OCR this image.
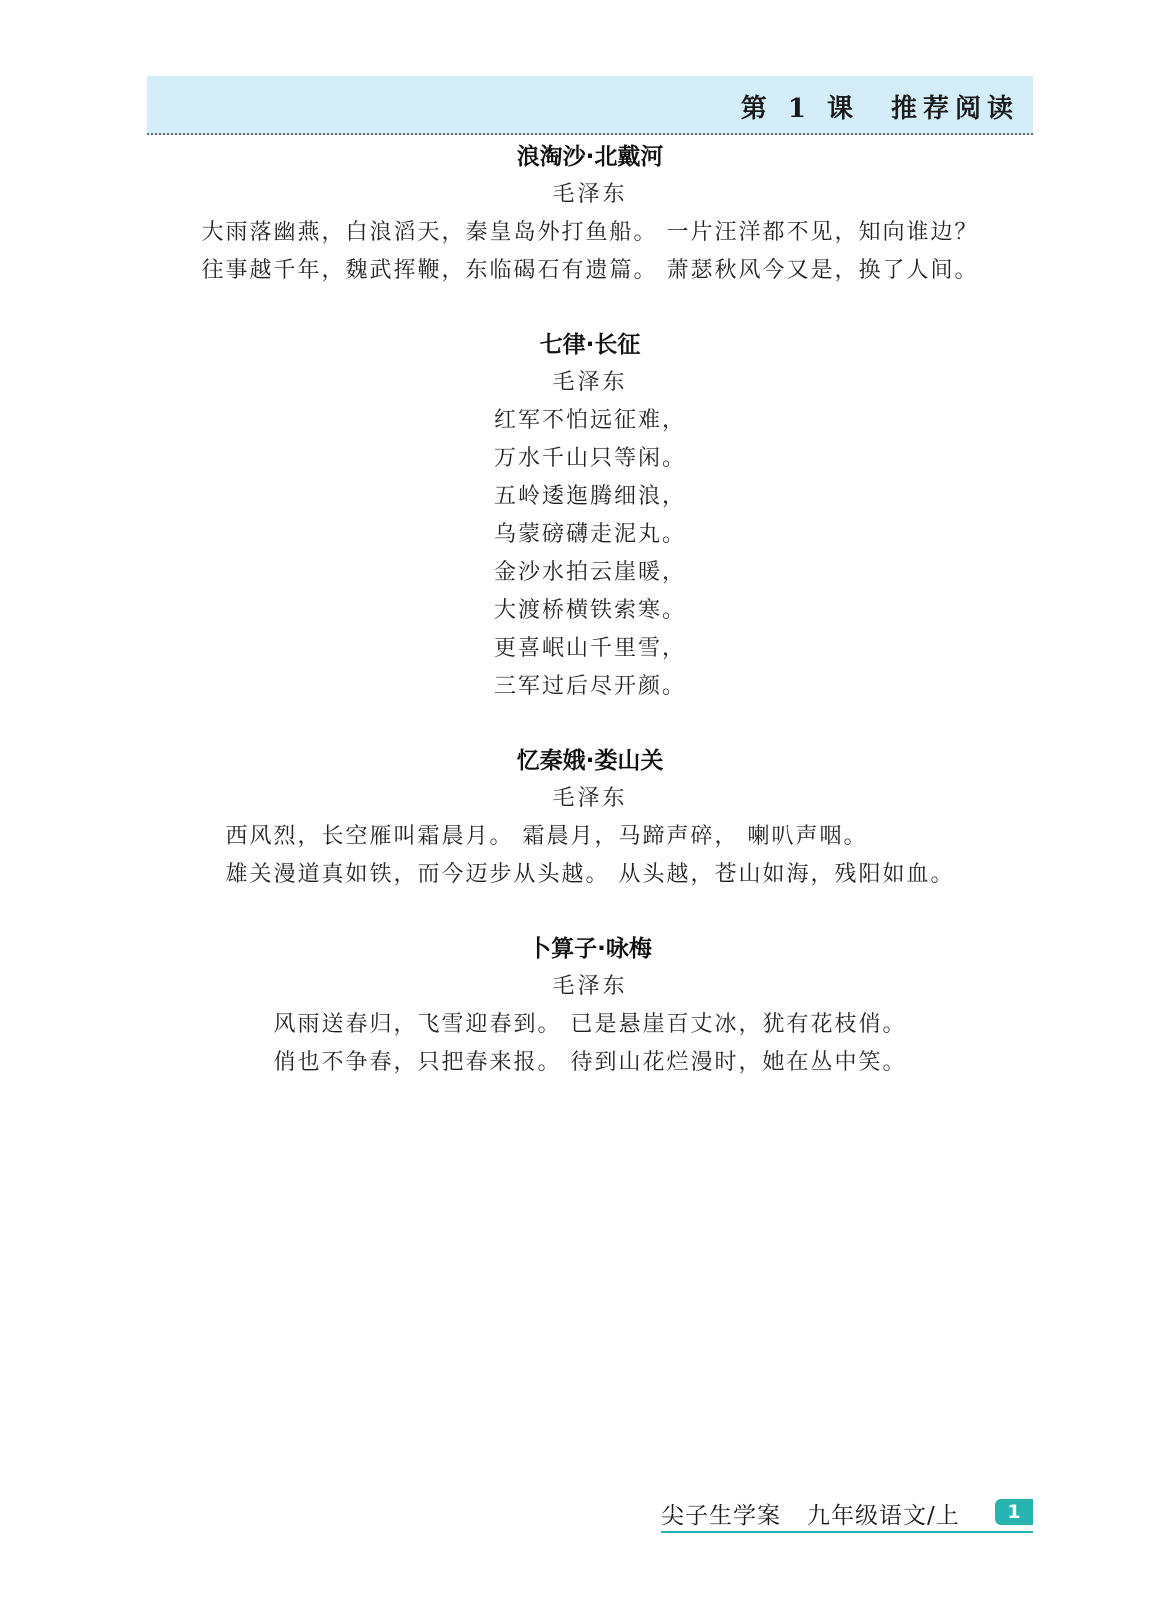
第 1 课　推荐阅读
浪淘沙·北戴河
毛泽东
大雨落幽燕，白浪滔天，秦皇岛外打鱼船。 一片汪洋都不见，知向谁边？
往事越千年，魏武挥鞭，东临碣石有遗篇。 萧瑟秋风今又是，换了人间。
七律·长征
毛泽东
红军不怕远征难，
万水千山只等闲。
五岭逶迤腾细浪，
乌蒙磅礴走泥丸。
金沙水拍云崖暖，
大渡桥横铁索寒。
更喜岷山千里雪，
三军过后尽开颜。
忆秦娥·娄山关
毛泽东
西风烈，长空雁叫霜晨月。 霜晨月，马蹄声碎， 喇叭声咽。
雄关漫道真如铁，而今迈步从头越。 从头越，苍山如海，残阳如血。
卜算子·咏梅
毛泽东
风雨送春归，飞雪迎春到。 已是悬崖百丈冰，犹有花枝俏。
俏也不争春，只把春来报。 待到山花烂漫时，她在丛中笑。
尖子生学案 九年级语文/上	1
